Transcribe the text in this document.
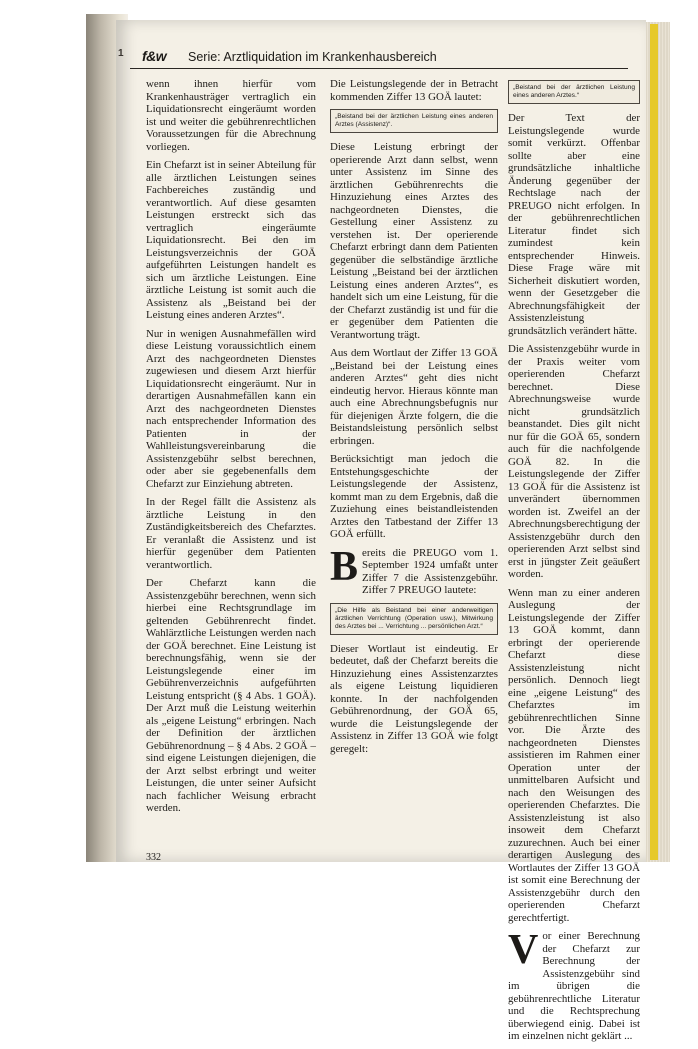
1 f&w Serie: Arztliquidation im Krankenhausbereich

wenn ihnen hierfür vom Krankenhausträger vertraglich ein Liquidationsrecht eingeräumt worden ist und weiter die gebührenrechtlichen Voraussetzungen für die Abrechnung vorliegen.

Ein Chefarzt ist in seiner Abteilung für alle ärztlichen Leistungen seines Fachbereiches zuständig und verantwortlich. Auf diese gesamten Leistungen erstreckt sich das vertraglich eingeräumte Liquidationsrecht. Bei den im Leistungsverzeichnis der GOÄ aufgeführten Leistungen handelt es sich um ärztliche Leistungen. Eine ärztliche Leistung ist somit auch die Assistenz als „Beistand bei der Leistung eines anderen Arztes“.

Nur in wenigen Ausnahmefällen wird diese Leistung voraussichtlich einem Arzt des nachgeordneten Dienstes zugewiesen und diesem Arzt hierfür Liquidationsrecht eingeräumt. Nur in derartigen Ausnahmefällen kann ein Arzt des nachgeordneten Dienstes nach entsprechender Information des Patienten in der Wahlleistungsvereinbarung die Assistenzgebühr selbst berechnen, oder aber sie gegebenenfalls dem Chefarzt zur Einziehung abtreten.

In der Regel fällt die Assistenz als ärztliche Leistung in den Zuständigkeitsbereich des Chefarztes. Er veranlaßt die Assistenz und ist hierfür gegenüber dem Patienten verantwortlich.

Der Chefarzt kann die Assistenzgebühr berechnen, wenn sich hierbei eine Rechtsgrundlage im geltenden Gebührenrecht findet. Wahlärztliche Leistungen werden nach der GOÄ berechnet. Eine Leistung ist berechnungsfähig, wenn sie der Leistungslegende einer im Gebührenverzeichnis aufgeführten Leistung entspricht (§ 4 Abs. 1 GOÄ). Der Arzt muß die Leistung weiterhin als „eigene Leistung“ erbringen. Nach der Definition der ärztlichen Gebührenordnung – § 4 Abs. 2 GOÄ – sind eigene Leistungen diejenigen, die der Arzt selbst erbringt und weiter Leistungen, die unter seiner Aufsicht nach fachlicher Weisung erbracht werden.

Die Leistungslegende der in Betracht kommenden Ziffer 13 GOÄ lautet:

„Beistand bei der ärztlichen Leistung eines anderen Arztes (Assistenz)“.

Diese Leistung erbringt der operierende Arzt dann selbst, wenn unter Assistenz im Sinne des ärztlichen Gebührenrechts die Hinzuziehung eines Arztes des nachgeordneten Dienstes, die Gestellung einer Assistenz zu verstehen ist. Der operierende Chefarzt erbringt dann dem Patienten gegenüber die selbständige ärztliche Leistung „Beistand bei der ärztlichen Leistung eines anderen Arztes“, es handelt sich um eine Leistung, für die der Chefarzt zuständig ist und für die er gegenüber dem Patienten die Verantwortung trägt.

Aus dem Wortlaut der Ziffer 13 GOÄ „Beistand bei der Leistung eines anderen Arztes“ geht dies nicht eindeutig hervor. Hieraus könnte man auch eine Abrechnungsbefugnis nur für diejenigen Ärzte folgern, die die Beistandsleistung persönlich selbst erbringen.

Berücksichtigt man jedoch die Entstehungsgeschichte der Leistungslegende der Assistenz, kommt man zu dem Ergebnis, daß die Zuziehung eines beistandleistenden Arztes den Tatbestand der Ziffer 13 GOÄ erfüllt.

Bereits die PREUGO vom 1. September 1924 umfaßt unter Ziffer 7 die Assistenzgebühr. Ziffer 7 PREUGO lautete:

„Die Hilfe als Beistand bei einer anderweitigen ärztlichen Verrichtung (Operation usw.), Mitwirkung des Arztes bei ... Verrichtung ... persönlichen Arzt.“

Dieser Wortlaut ist eindeutig. Er bedeutet, daß der Chefarzt bereits die Hinzuziehung eines Assistenzarztes als eigene Leistung liquidieren konnte. In der nachfolgenden Gebührenordnung, der GOÄ 65, wurde die Leistungslegende der Assistenz in Ziffer 13 GOÄ wie folgt geregelt:

„Beistand bei der ärztlichen Leistung eines anderen Arztes.“

Der Text der Leistungslegende wurde somit verkürzt. Offenbar sollte aber eine grundsätzliche inhaltliche Änderung gegenüber der Rechtslage nach der PREUGO nicht erfolgen. In der gebührenrechtlichen Literatur findet sich zumindest kein entsprechender Hinweis. Diese Frage wäre mit Sicherheit diskutiert worden, wenn der Gesetzgeber die Abrechnungsfähigkeit der Assistenzleistung grundsätzlich verändert hätte.

Die Assistenzgebühr wurde in der Praxis weiter vom operierenden Chefarzt berechnet. Diese Abrechnungsweise wurde nicht grundsätzlich beanstandet. Dies gilt nicht nur für die GOÄ 65, sondern auch für die nachfolgende GOÄ 82. In die Leistungslegende der Ziffer 13 GOÄ für die Assistenz ist unverändert übernommen worden ist. Zweifel an der Abrechnungsberechtigung der Assistenzgebühr durch den operierenden Arzt selbst sind erst in jüngster Zeit geäußert worden.

Wenn man zu einer anderen Auslegung der Leistungslegende der Ziffer 13 GOÄ kommt, dann erbringt der operierende Chefarzt diese Assistenzleistung nicht persönlich. Dennoch liegt eine „eigene Leistung“ des Chefarztes im gebührenrechtlichen Sinne vor. Die Ärzte des nachgeordneten Dienstes assistieren im Rahmen einer Operation unter der unmittelbaren Aufsicht und nach den Weisungen des operierenden Chefarztes. Die Assistenzleistung ist also insoweit dem Chefarzt zuzurechnen. Auch bei einer derartigen Auslegung des Wortlautes der Ziffer 13 GOÄ ist somit eine Berechnung der Assistenzgebühr durch den operierenden Chefarzt gerechtfertigt.

Vor einer Berechnung der Chefarzt zur Berechnung der Assistenzgebühr sind im übrigen die gebührenrechtliche Literatur und die Rechtsprechung überwiegend einig. Dabei ist im einzelnen nicht geklärt ...

332
